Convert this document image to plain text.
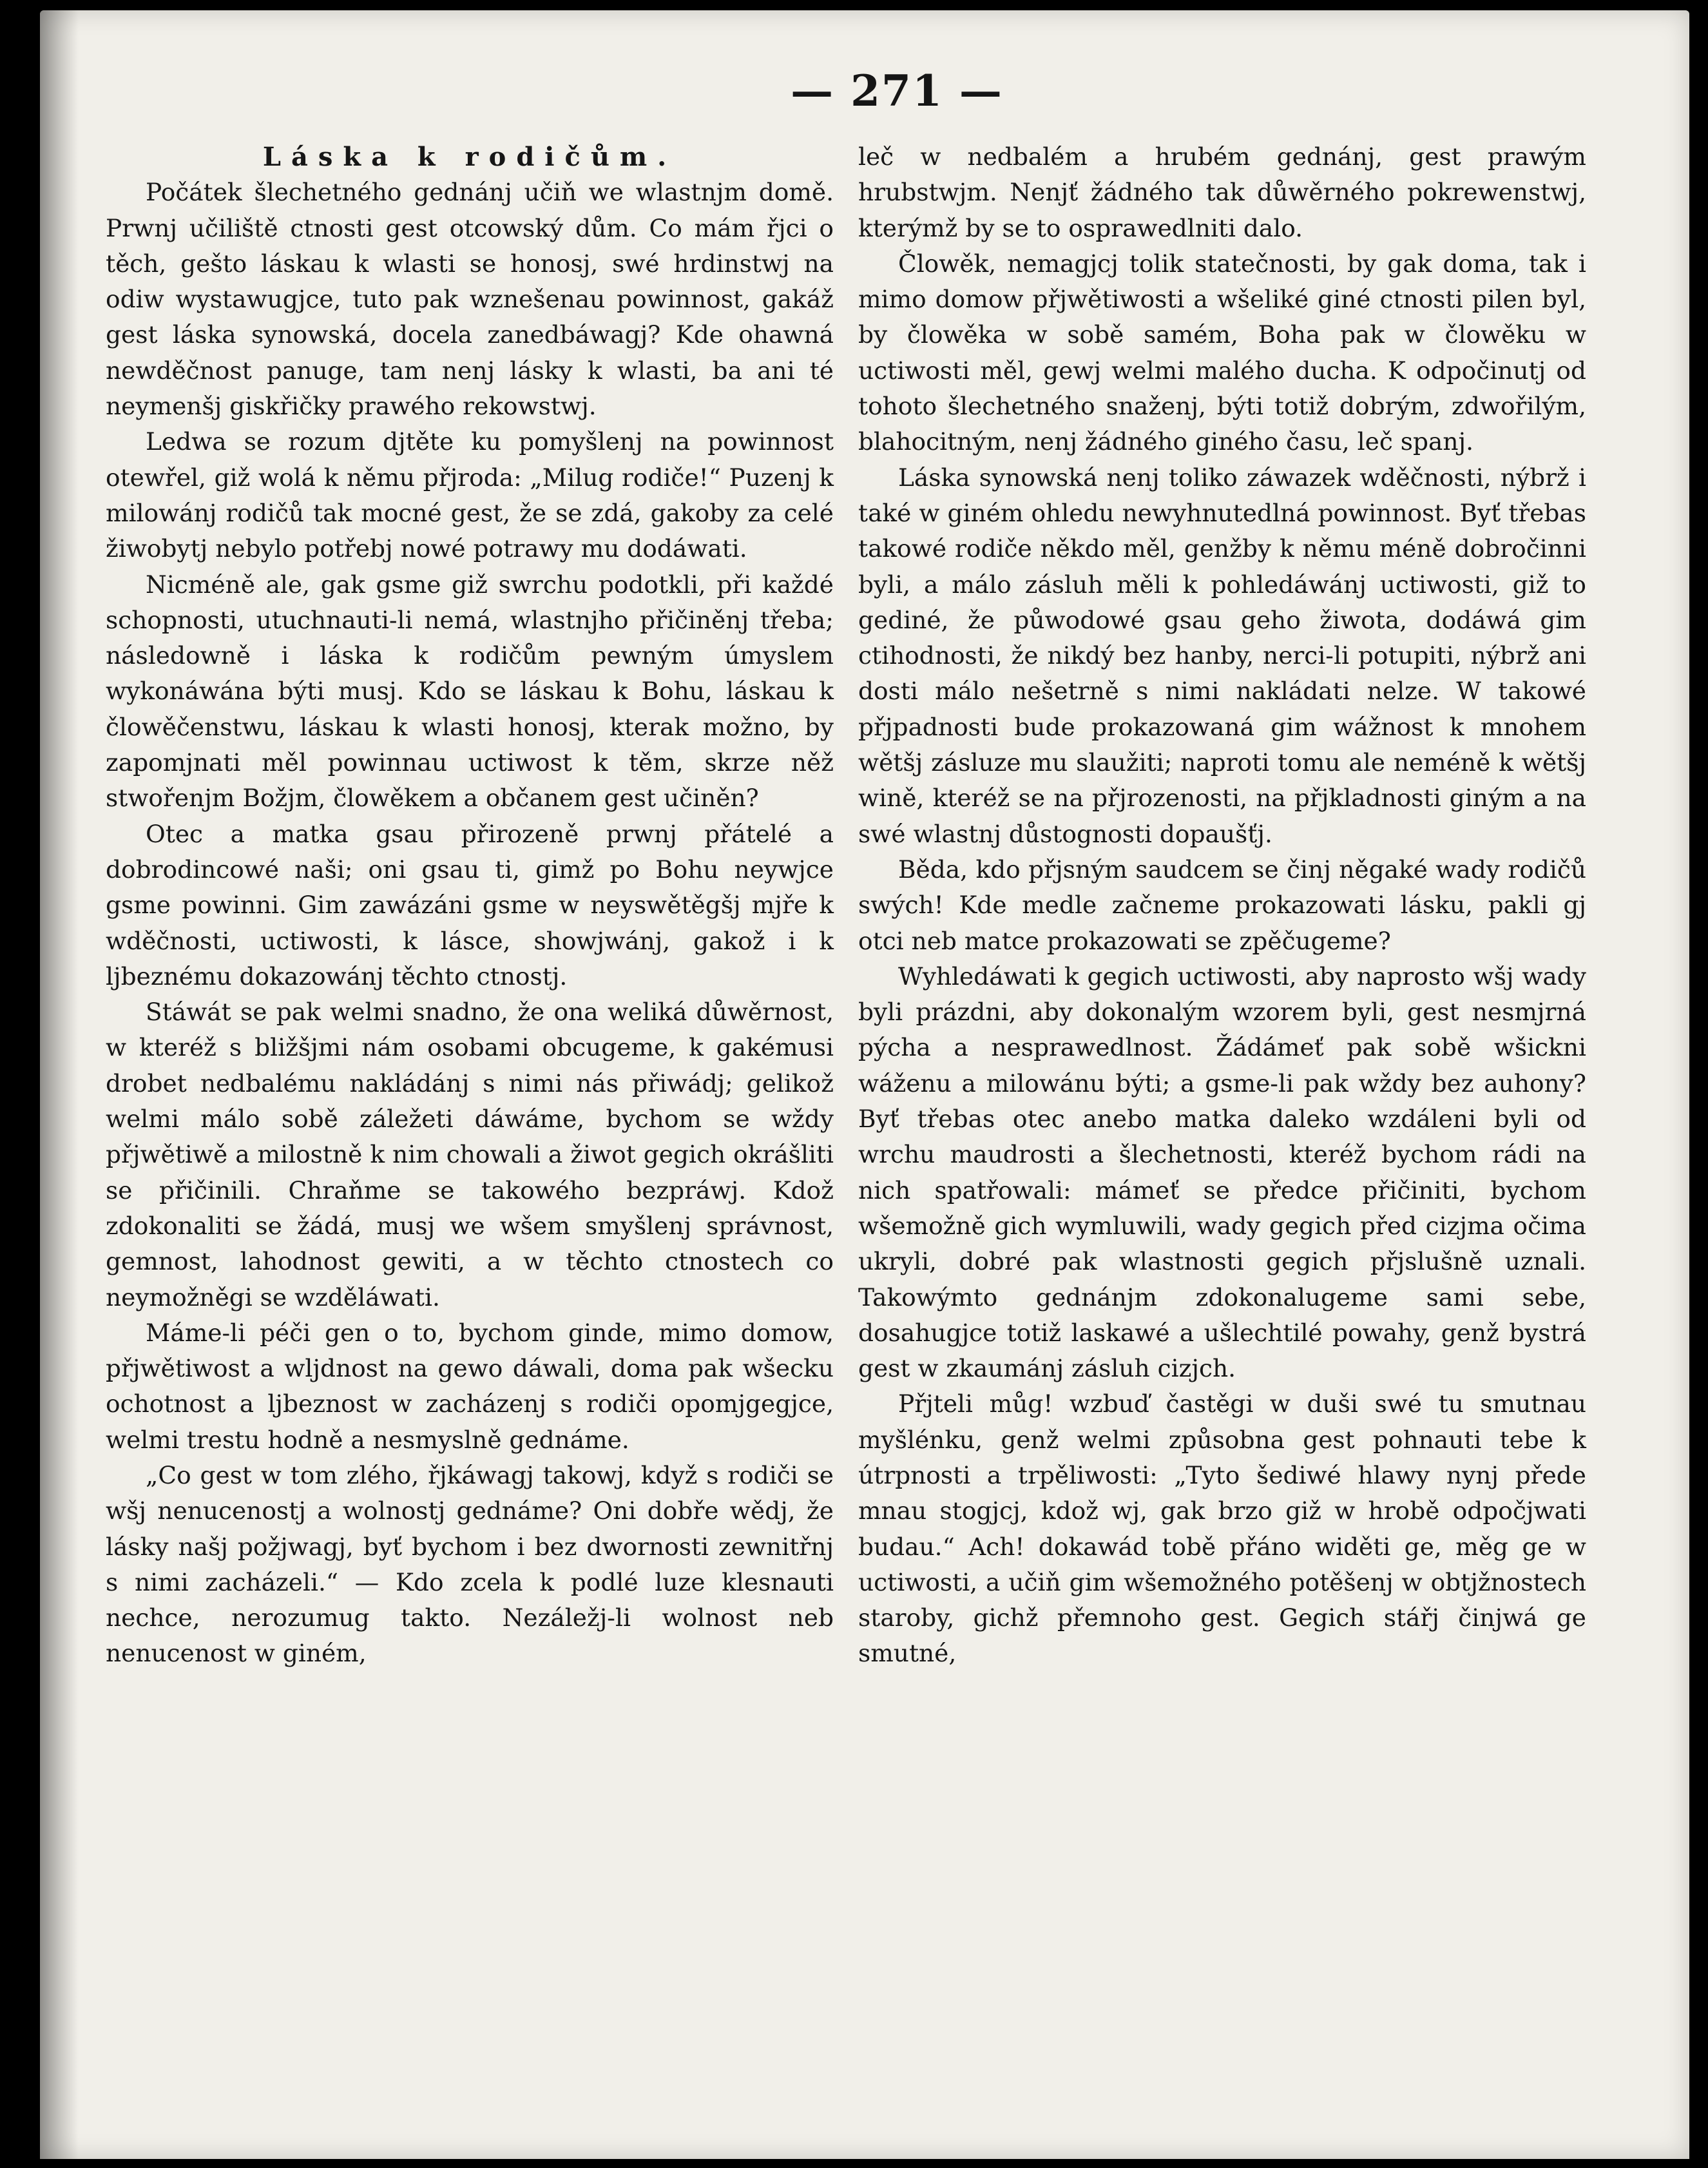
— 271 —
Láska k rodičům.

Počátek šlechetného gednánj učiň we wlastnjm domě. Prwnj učiliště ctnosti gest otcowský dům. Co mám řjci o těch, gešto láskau k wlasti se honosj, swé hrdinstwj na odiw wystawugjce, tuto pak wznešenau powinnost, gakáž gest láska synowská, docela zanedbáwagj? Kde ohawná newděčnost panuge, tam nenj lásky k wlasti, ba ani té neymenšj giskřičky prawého rekowstwj.

Ledwa se rozum djtěte ku pomyšlenj na powinnost otewřel, giž wolá k němu přjroda: „Milug rodiče!“ Puzenj k milowánj rodičů tak mocné gest, že se zdá, gakoby za celé žiwobytj nebylo potřebj nowé potrawy mu dodáwati.

Nicméně ale, gak gsme giž swrchu podotkli, při každé schopnosti, utuchnauti-li nemá, wlastnjho přičiněnj třeba; následowně i láska k rodičům pewným úmyslem wykonáwána býti musj. Kdo se láskau k Bohu, láskau k člowěčenstwu, láskau k wlasti honosj, kterak možno, by zapomjnati měl powinnau uctiwost k těm, skrze něž stwořenjm Božjm, člowěkem a občanem gest učiněn?

Otec a matka gsau přirozeně prwnj přátelé a dobrodincowé naši; oni gsau ti, gimž po Bohu neywjce gsme powinni. Gim zawázáni gsme w neyswětěgšj mjře k wděčnosti, uctiwosti, k lásce, showjwánj, gakož i k ljbeznému dokazowánj těchto ctnostj.

Stáwát se pak welmi snadno, že ona weliká důwěrnost, w kteréž s bližšjmi nám osobami obcugeme, k gakémusi drobet nedbalému nakládánj s nimi nás přiwádj; gelikož welmi málo sobě záležeti dáwáme, bychom se wždy přjwětiwě a milostně k nim chowali a žiwot gegich okrášliti se přičinili. Chraňme se takowého bezpráwj. Kdož zdokonaliti se žádá, musj we wšem smyšlenj správnost, gemnost, lahodnost gewiti, a w těchto ctnostech co neymožněgi se wzděláwati.

Máme-li péči gen o to, bychom ginde, mimo domow, přjwětiwost a wljdnost na gewo dáwali, doma pak wšecku ochotnost a ljbeznost w zacházenj s rodiči opomjgegjce, welmi trestu hodně a nesmyslně gednáme.

„Co gest w tom zlého, řjkáwagj takowj, když s rodiči se wšj nenucenostj a wolnostj gednáme? Oni dobře wědj, že lásky našj požjwagj, byť bychom i bez dwornosti zewnitřnj s nimi zacházeli.“ — Kdo zcela k podlé luze klesnauti nechce, nerozumug takto. Nezáležj-li wolnost neb nenucenost w giném,

leč w nedbalém a hrubém gednánj, gest prawým hrubstwjm. Nenjť žádného tak důwěrného pokrewenstwj, kterýmž by se to osprawedlniti dalo.

Člowěk, nemagjcj tolik statečnosti, by gak doma, tak i mimo domow přjwětiwosti a wšeliké giné ctnosti pilen byl, by člowěka w sobě samém, Boha pak w člowěku w uctiwosti měl, gewj welmi malého ducha. K odpočinutj od tohoto šlechetného snaženj, býti totiž dobrým, zdwořilým, blahocitným, nenj žádného giného času, leč spanj.

Láska synowská nenj toliko záwazek wděčnosti, nýbrž i také w giném ohledu newyhnutedlná powinnost. Byť třebas takowé rodiče někdo měl, genžby k němu méně dobročinni byli, a málo zásluh měli k pohledáwánj uctiwosti, giž to gediné, že půwodowé gsau geho žiwota, dodáwá gim ctihodnosti, že nikdý bez hanby, nerci-li potupiti, nýbrž ani dosti málo nešetrně s nimi nakládati nelze. W takowé přjpadnosti bude prokazowaná gim wážnost k mnohem wětšj zásluze mu slaužiti; naproti tomu ale neméně k wětšj wině, kteréž se na přjrozenosti, na přjkladnosti giným a na swé wlastnj důstognosti dopaušťj.

Běda, kdo přjsným saudcem se činj něgaké wady rodičů swých! Kde medle začneme prokazowati lásku, pakli gj otci neb matce prokazowati se zpěčugeme?

Wyhledáwati k gegich uctiwosti, aby naprosto wšj wady byli prázdni, aby dokonalým wzorem byli, gest nesmjrná pýcha a nesprawedlnost. Žádámeť pak sobě wšickni wáženu a milowánu býti; a gsme-li pak wždy bez auhony? Byť třebas otec anebo matka daleko wzdáleni byli od wrchu maudrosti a šlechetnosti, kteréž bychom rádi na nich spatřowali: mámeť se předce přičiniti, bychom wšemožně gich wymluwili, wady gegich před cizjma očima ukryli, dobré pak wlastnosti gegich přjslušně uznali. Takowýmto gednánjm zdokonalugeme sami sebe, dosahugjce totiž laskawé a ušlechtilé powahy, genž bystrá gest w zkaumánj zásluh cizjch.

Přjteli můg! wzbuď častěgi w duši swé tu smutnau myšlénku, genž welmi způsobna gest pohnauti tebe k útrpnosti a trpěliwosti: „Tyto šediwé hlawy nynj přede mnau stogjcj, kdož wj, gak brzo giž w hrobě odpočjwati budau.“ Ach! dokawád tobě přáno widěti ge, měg ge w uctiwosti, a učiň gim wšemožného potěšenj w obtjžnostech staroby, gichž přemnoho gest. Gegich stářj činjwá ge smutné,
